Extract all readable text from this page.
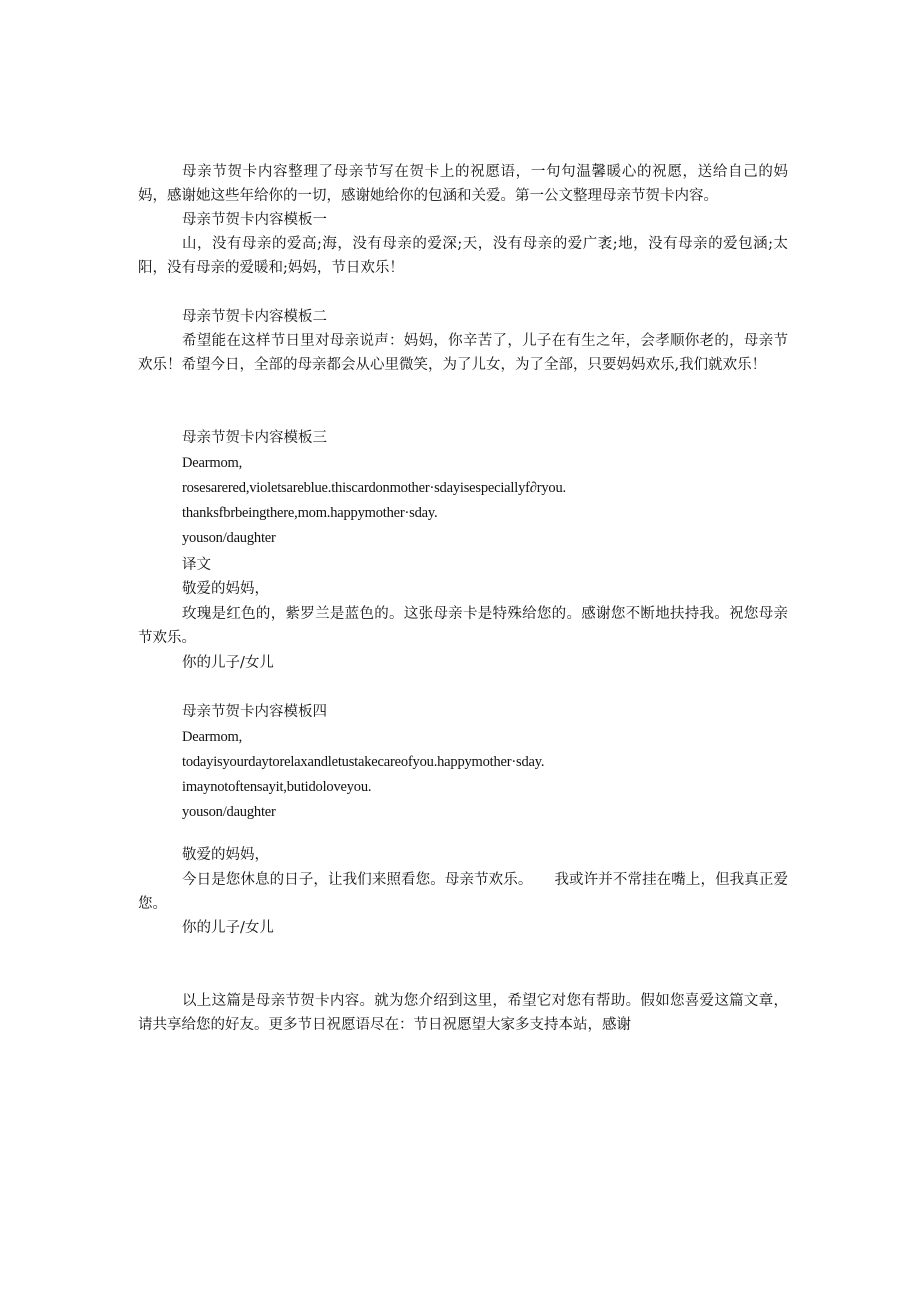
母亲节贺卡内容整理了母亲节写在贺卡上的祝愿语，一句句温馨暖心的祝愿，送给自己的妈妈，感谢她这些年给你的一切，感谢她给你的包涵和关爱。第一公文整理母亲节贺卡内容。

母亲节贺卡内容模板一

山，没有母亲的爱高;海，没有母亲的爱深;天，没有母亲的爱广袤;地，没有母亲的爱包涵;太阳，没有母亲的爱暖和;妈妈，节日欢乐！

母亲节贺卡内容模板二

希望能在这样节日里对母亲说声：妈妈，你辛苦了，儿子在有生之年，会孝顺你老的，母亲节欢乐！希望今日，全部的母亲都会从心里微笑，为了儿女，为了全部，只要妈妈欢乐,我们就欢乐！

母亲节贺卡内容模板三

Dearmom,

rosesarered,violetsareblue.thiscardonmother·sdayisespeciallyf∂ryou.

thanksfbrbeingthere,mom.happymother·sday.

youson/daughter

译文

敬爱的妈妈，

玫瑰是红色的，紫罗兰是蓝色的。这张母亲卡是特殊给您的。感谢您不断地扶持我。祝您母亲节欢乐。

你的儿子/女儿

母亲节贺卡内容模板四

Dearmom,

todayisyourdaytorelaxandletustakecareofyou.happymother·sday.

imaynotoftensayit,butidoloveyou.

youson/daughter

敬爱的妈妈，

今日是您休息的日子，让我们来照看您。母亲节欢乐。　　我或许并不常挂在嘴上，但我真正爱您。

你的儿子/女儿

以上这篇是母亲节贺卡内容。就为您介绍到这里，希望它对您有帮助。假如您喜爱这篇文章，请共享给您的好友。更多节日祝愿语尽在：节日祝愿望大家多支持本站，感谢
